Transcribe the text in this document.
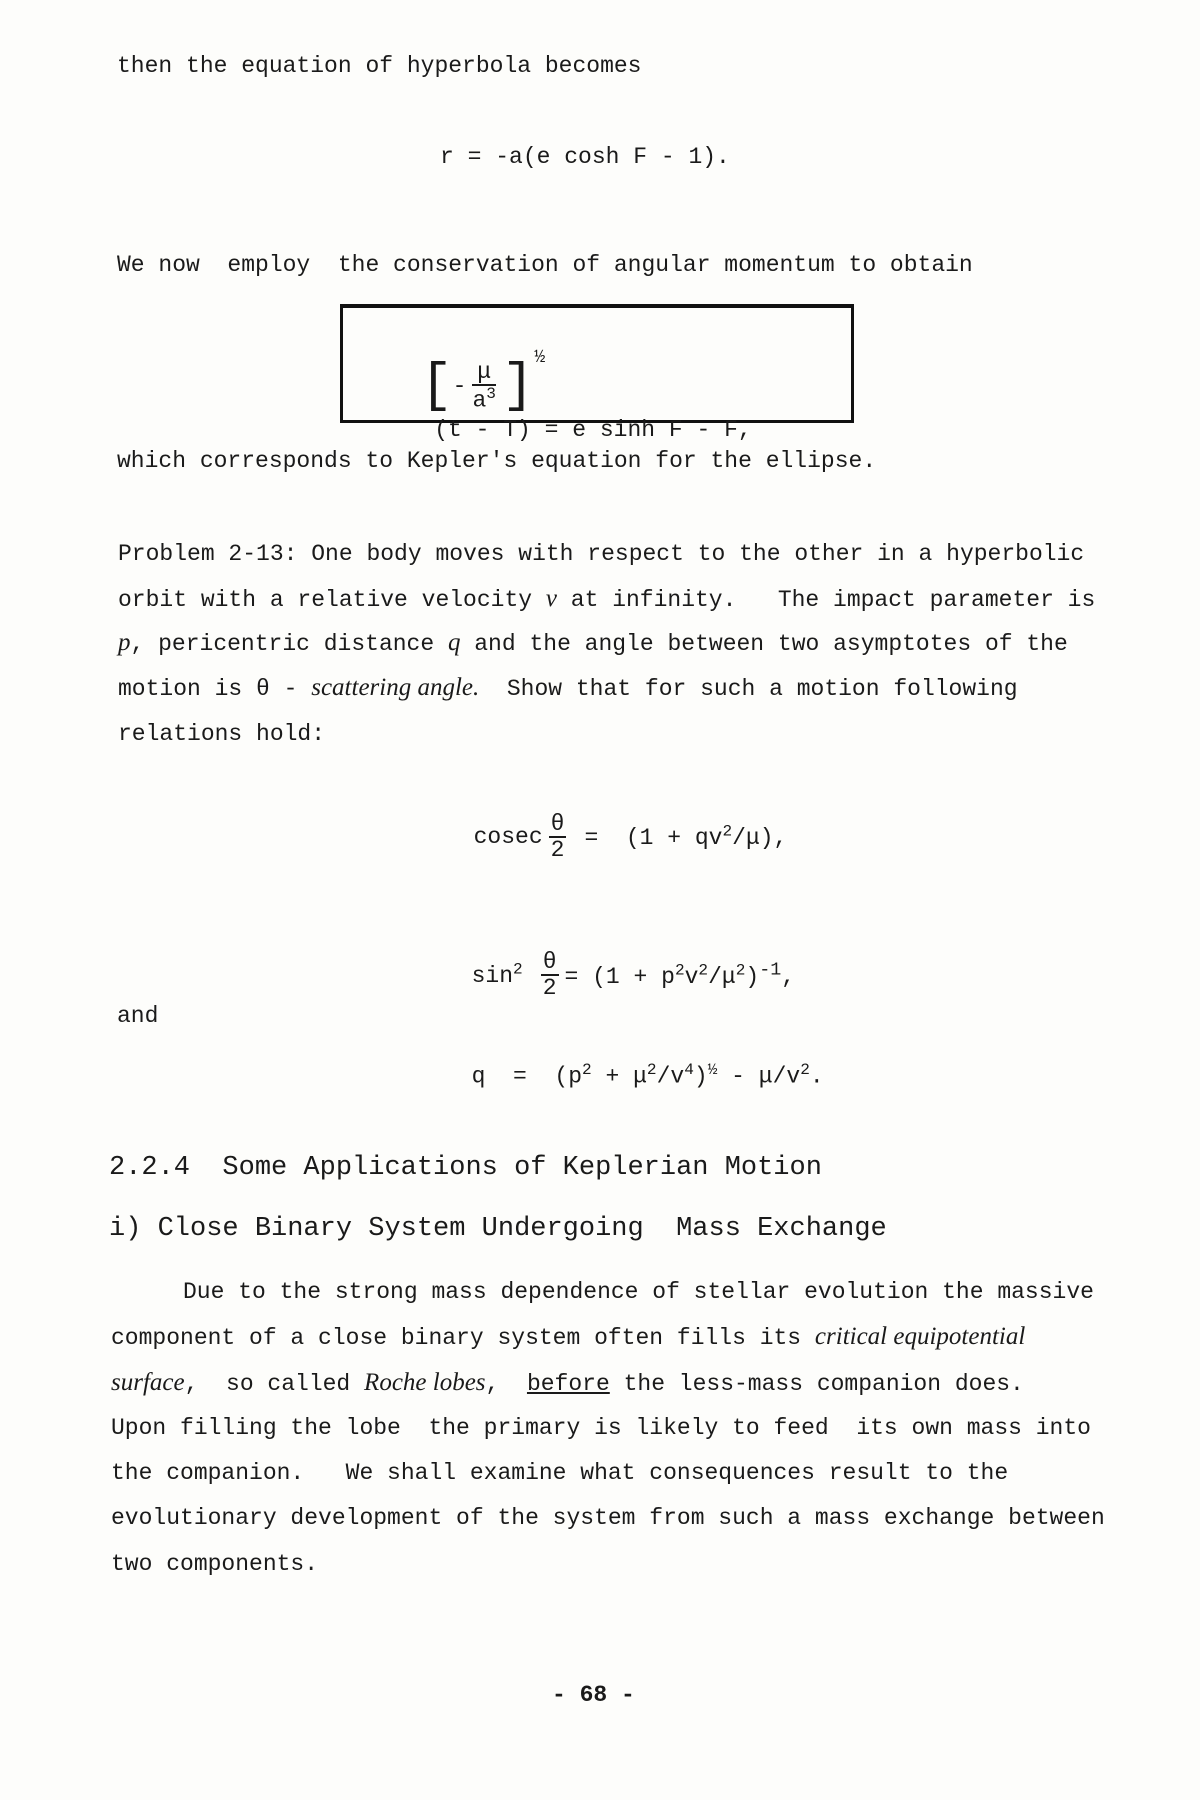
then the equation of hyperbola becomes
r = -a(e cosh F - 1).
We now  employ  the conservation of angular momentum to obtain

[- $\frac{\mu}{a^3} ]^{\frac{1}{2}}$
(t - T) = e sinh F - F,

which corresponds to Kepler's equation for the ellipse.
Problem 2-13: One body moves with respect to the other in a hyperbolic
orbit with a relative velocity v at infinity.   The impact parameter is
p, pericentric distance q and the angle between two asymptotes of the
motion is θ - scattering angle.  Show that for such a motion following
relations hold:

cosec $\frac{\theta}{2} = (1 + qv^2/\mu)$,

$\sin^2 \frac{\theta}{2} = (1 + p^2v^2/\mu^2)^{-1}$,

and

$q = (p^2 + \mu^2/v^4)^{\frac{1}{2}} - \mu/v^2$.

2.2.4  Some Applications of Keplerian Motion
i) Close Binary System Undergoing  Mass Exchange
Due to the strong mass dependence of stellar evolution the massive
component of a close binary system often fills its critical equipotential
surface,  so called Roche lobes,  before the less-mass companion does.
Upon filling the lobe  the primary is likely to feed  its own mass into
the companion.   We shall examine what consequences result to the
evolutionary development of the system from such a mass exchange between
two components.
- 68 -
